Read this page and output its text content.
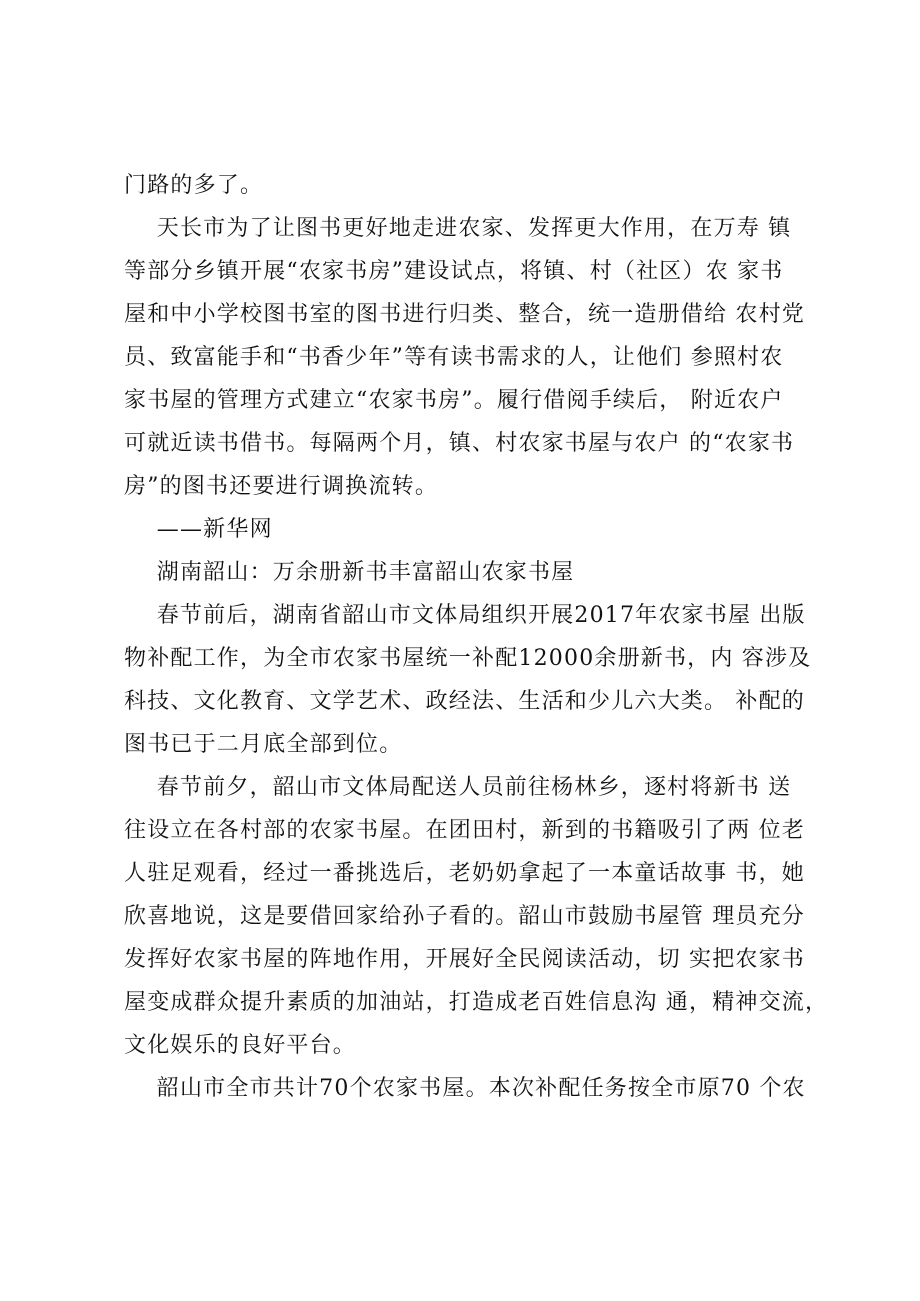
门路的多了。
天长市为了让图书更好地走进农家、发挥更大作用，在万寿 镇
等部分乡镇开展“农家书房”建设试点，将镇、村（社区）农 家书
屋和中小学校图书室的图书进行归类、整合，统一造册借给 农村党
员、致富能手和“书香少年”等有读书需求的人，让他们 参照村农
家书屋的管理方式建立“农家书房”。履行借阅手续后， 附近农户
可就近读书借书。每隔两个月，镇、村农家书屋与农户 的“农家书
房”的图书还要进行调换流转。
——新华网
湖南韶山：万余册新书丰富韶山农家书屋
春节前后，湖南省韶山市文体局组织开展2017年农家书屋 出版
物补配工作，为全市农家书屋统一补配12000余册新书，内 容涉及
科技、文化教育、文学艺术、政经法、生活和少儿六大类。 补配的
图书已于二月底全部到位。
春节前夕，韶山市文体局配送人员前往杨林乡，逐村将新书 送
往设立在各村部的农家书屋。在团田村，新到的书籍吸引了两 位老
人驻足观看，经过一番挑选后，老奶奶拿起了一本童话故事 书，她
欣喜地说，这是要借回家给孙子看的。韶山市鼓励书屋管 理员充分
发挥好农家书屋的阵地作用，开展好全民阅读活动，切 实把农家书
屋变成群众提升素质的加油站，打造成老百姓信息沟 通，精神交流，
文化娱乐的良好平台。
韶山市全市共计70个农家书屋。本次补配任务按全市原70 个农
